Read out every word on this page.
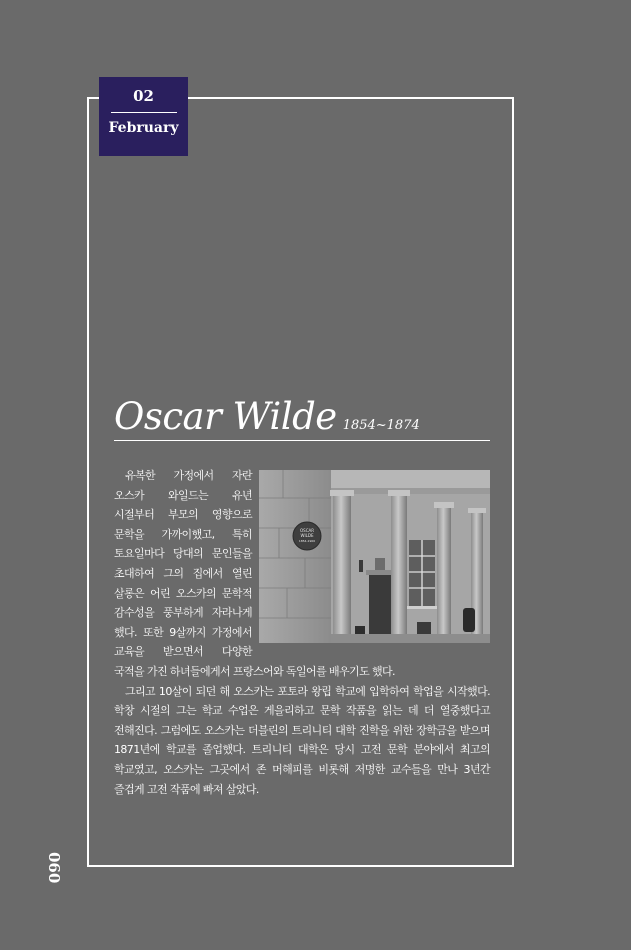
02
February
Oscar Wilde 1854~1874
OSCAR
WILDE
1854-1900

유복한 가정에서 자란 오스카 와일드는 유년 시절부터 부모의 영향으로 문학을 가까이했고, 특히 토요일마다 당대의 문인들을 초대하여 그의 집에서 열린 살롱은 어린 오스카의 문학적 감수성을 풍부하게 자라나게 했다. 또한 9살까지 가정에서 교육을 받으면서 다양한 국적을 가진 하녀들에게서 프랑스어와 독일어를 배우기도 했다.

그리고 10살이 되던 해 오스카는 포토라 왕립 학교에 입학하여 학업을 시작했다. 학창 시절의 그는 학교 수업은 게을리하고 문학 작품을 읽는 데 더 열중했다고 전해진다. 그럼에도 오스카는 더블린의 트리니티 대학 진학을 위한 장학금을 받으며 1871년에 학교를 졸업했다. 트리니티 대학은 당시 고전 문학 분야에서 최고의 학교였고, 오스카는 그곳에서 존 머해피를 비롯해 저명한 교수들을 만나 3년간 즐겁게 고전 작품에 빠져 살았다.

060
